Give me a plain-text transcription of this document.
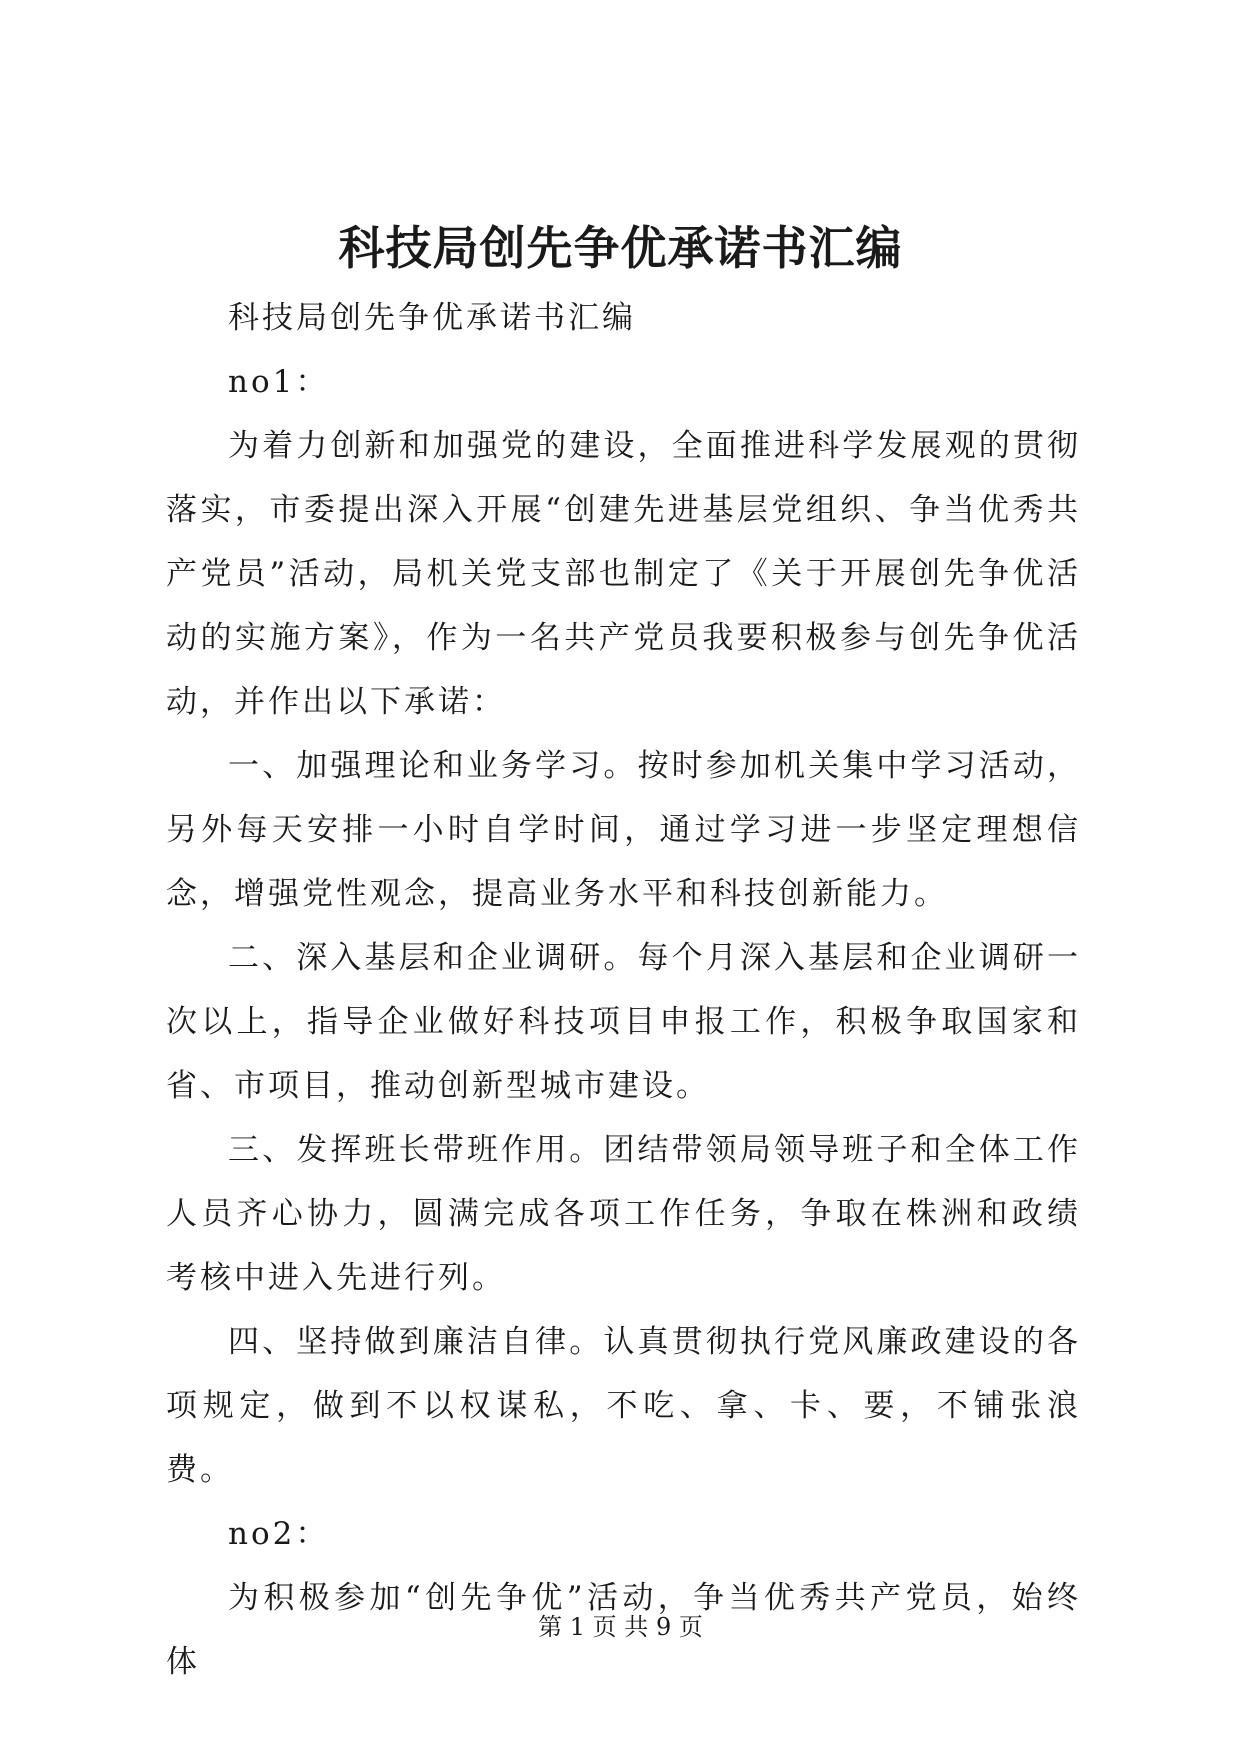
科技局创先争优承诺书汇编

科技局创先争优承诺书汇编

no1：

为着力创新和加强党的建设，全面推进科学发展观的贯彻落实，市委提出深入开展“创建先进基层党组织、争当优秀共产党员”活动，局机关党支部也制定了《关于开展创先争优活动的实施方案》，作为一名共产党员我要积极参与创先争优活动，并作出以下承诺：

一、加强理论和业务学习。按时参加机关集中学习活动，另外每天安排一小时自学时间，通过学习进一步坚定理想信念，增强党性观念，提高业务水平和科技创新能力。

二、深入基层和企业调研。每个月深入基层和企业调研一次以上，指导企业做好科技项目申报工作，积极争取国家和省、市项目，推动创新型城市建设。

三、发挥班长带班作用。团结带领局领导班子和全体工作人员齐心协力，圆满完成各项工作任务，争取在株洲和政绩考核中进入先进行列。

四、坚持做到廉洁自律。认真贯彻执行党风廉政建设的各项规定，做到不以权谋私，不吃、拿、卡、要，不铺张浪费。

no2：

为积极参加“创先争优”活动，争当优秀共产党员，始终体

第 1 页 共 9 页
